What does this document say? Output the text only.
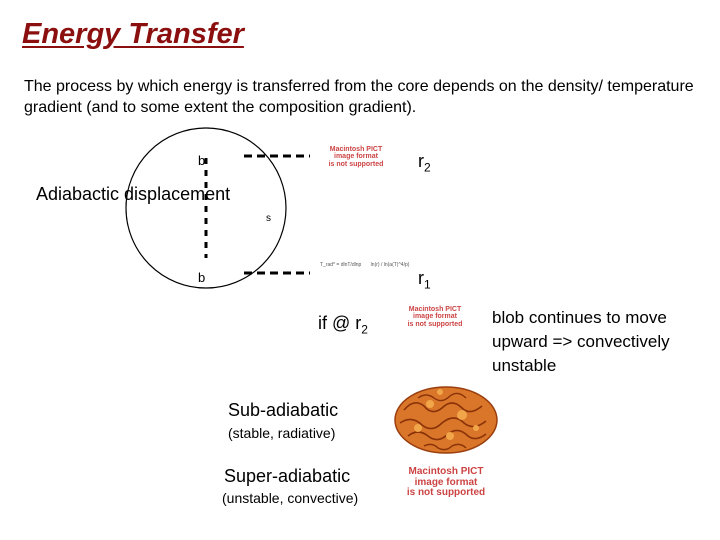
Energy Transfer
The process by which energy is transferred from the core depends on the density/ temperature gradient (and to some extent the composition gradient).
Adiabactic displacement
b
b
s
Macintosh PICT
image format
is not supported	$r_2$
T_rad* = dlnT/dlnp ln(r) / ln(a(T)^4/p)
$r_1$
if @ $r_2$
Macintosh PICT
image format
is not supported	blob continues to move upward => convectively unstable
Sub-adiabatic
(stable, radiative)
Super-adiabatic
(unstable, convective)
Macintosh PICT
image format
is not supported
